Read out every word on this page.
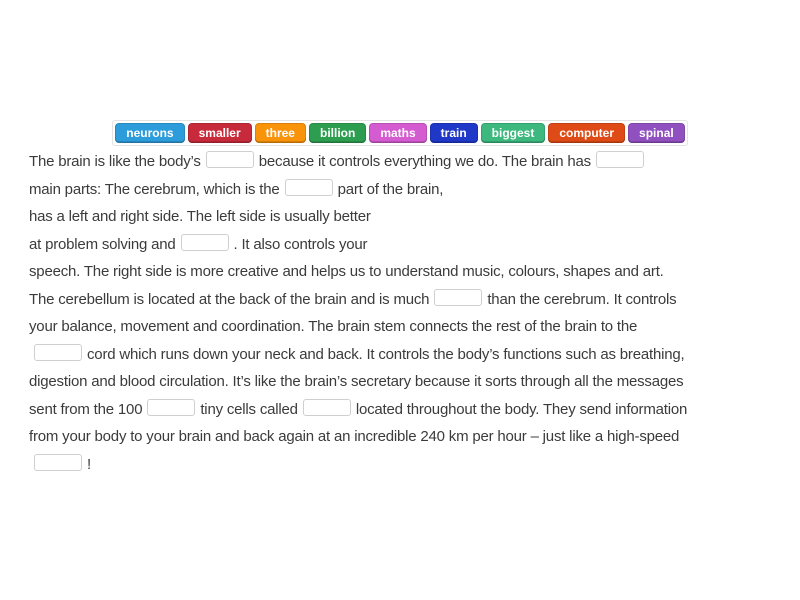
neurons	smaller	three	billion	maths	train	biggest	computer	spinal
The brain is like the body’s	because it controls everything we do. The brain has
main parts: The cerebrum, which is the	part of the brain,
has a left and right side. The left side is usually better
at problem solving and	. It also controls your
speech. The right side is more creative and helps us to understand music, colours, shapes and art.
The cerebellum is located at the back of the brain and is much	than the cerebrum. It controls
your balance, movement and coordination. The brain stem connects the rest of the brain to the
cord which runs down your neck and back. It controls the body’s functions such as breathing,
digestion and blood circulation. It’s like the brain’s secretary because it sorts through all the messages
sent from the 100	tiny cells called	located throughout the body. They send information
from your body to your brain and back again at an incredible 240 km per hour – just like a high-speed
!
